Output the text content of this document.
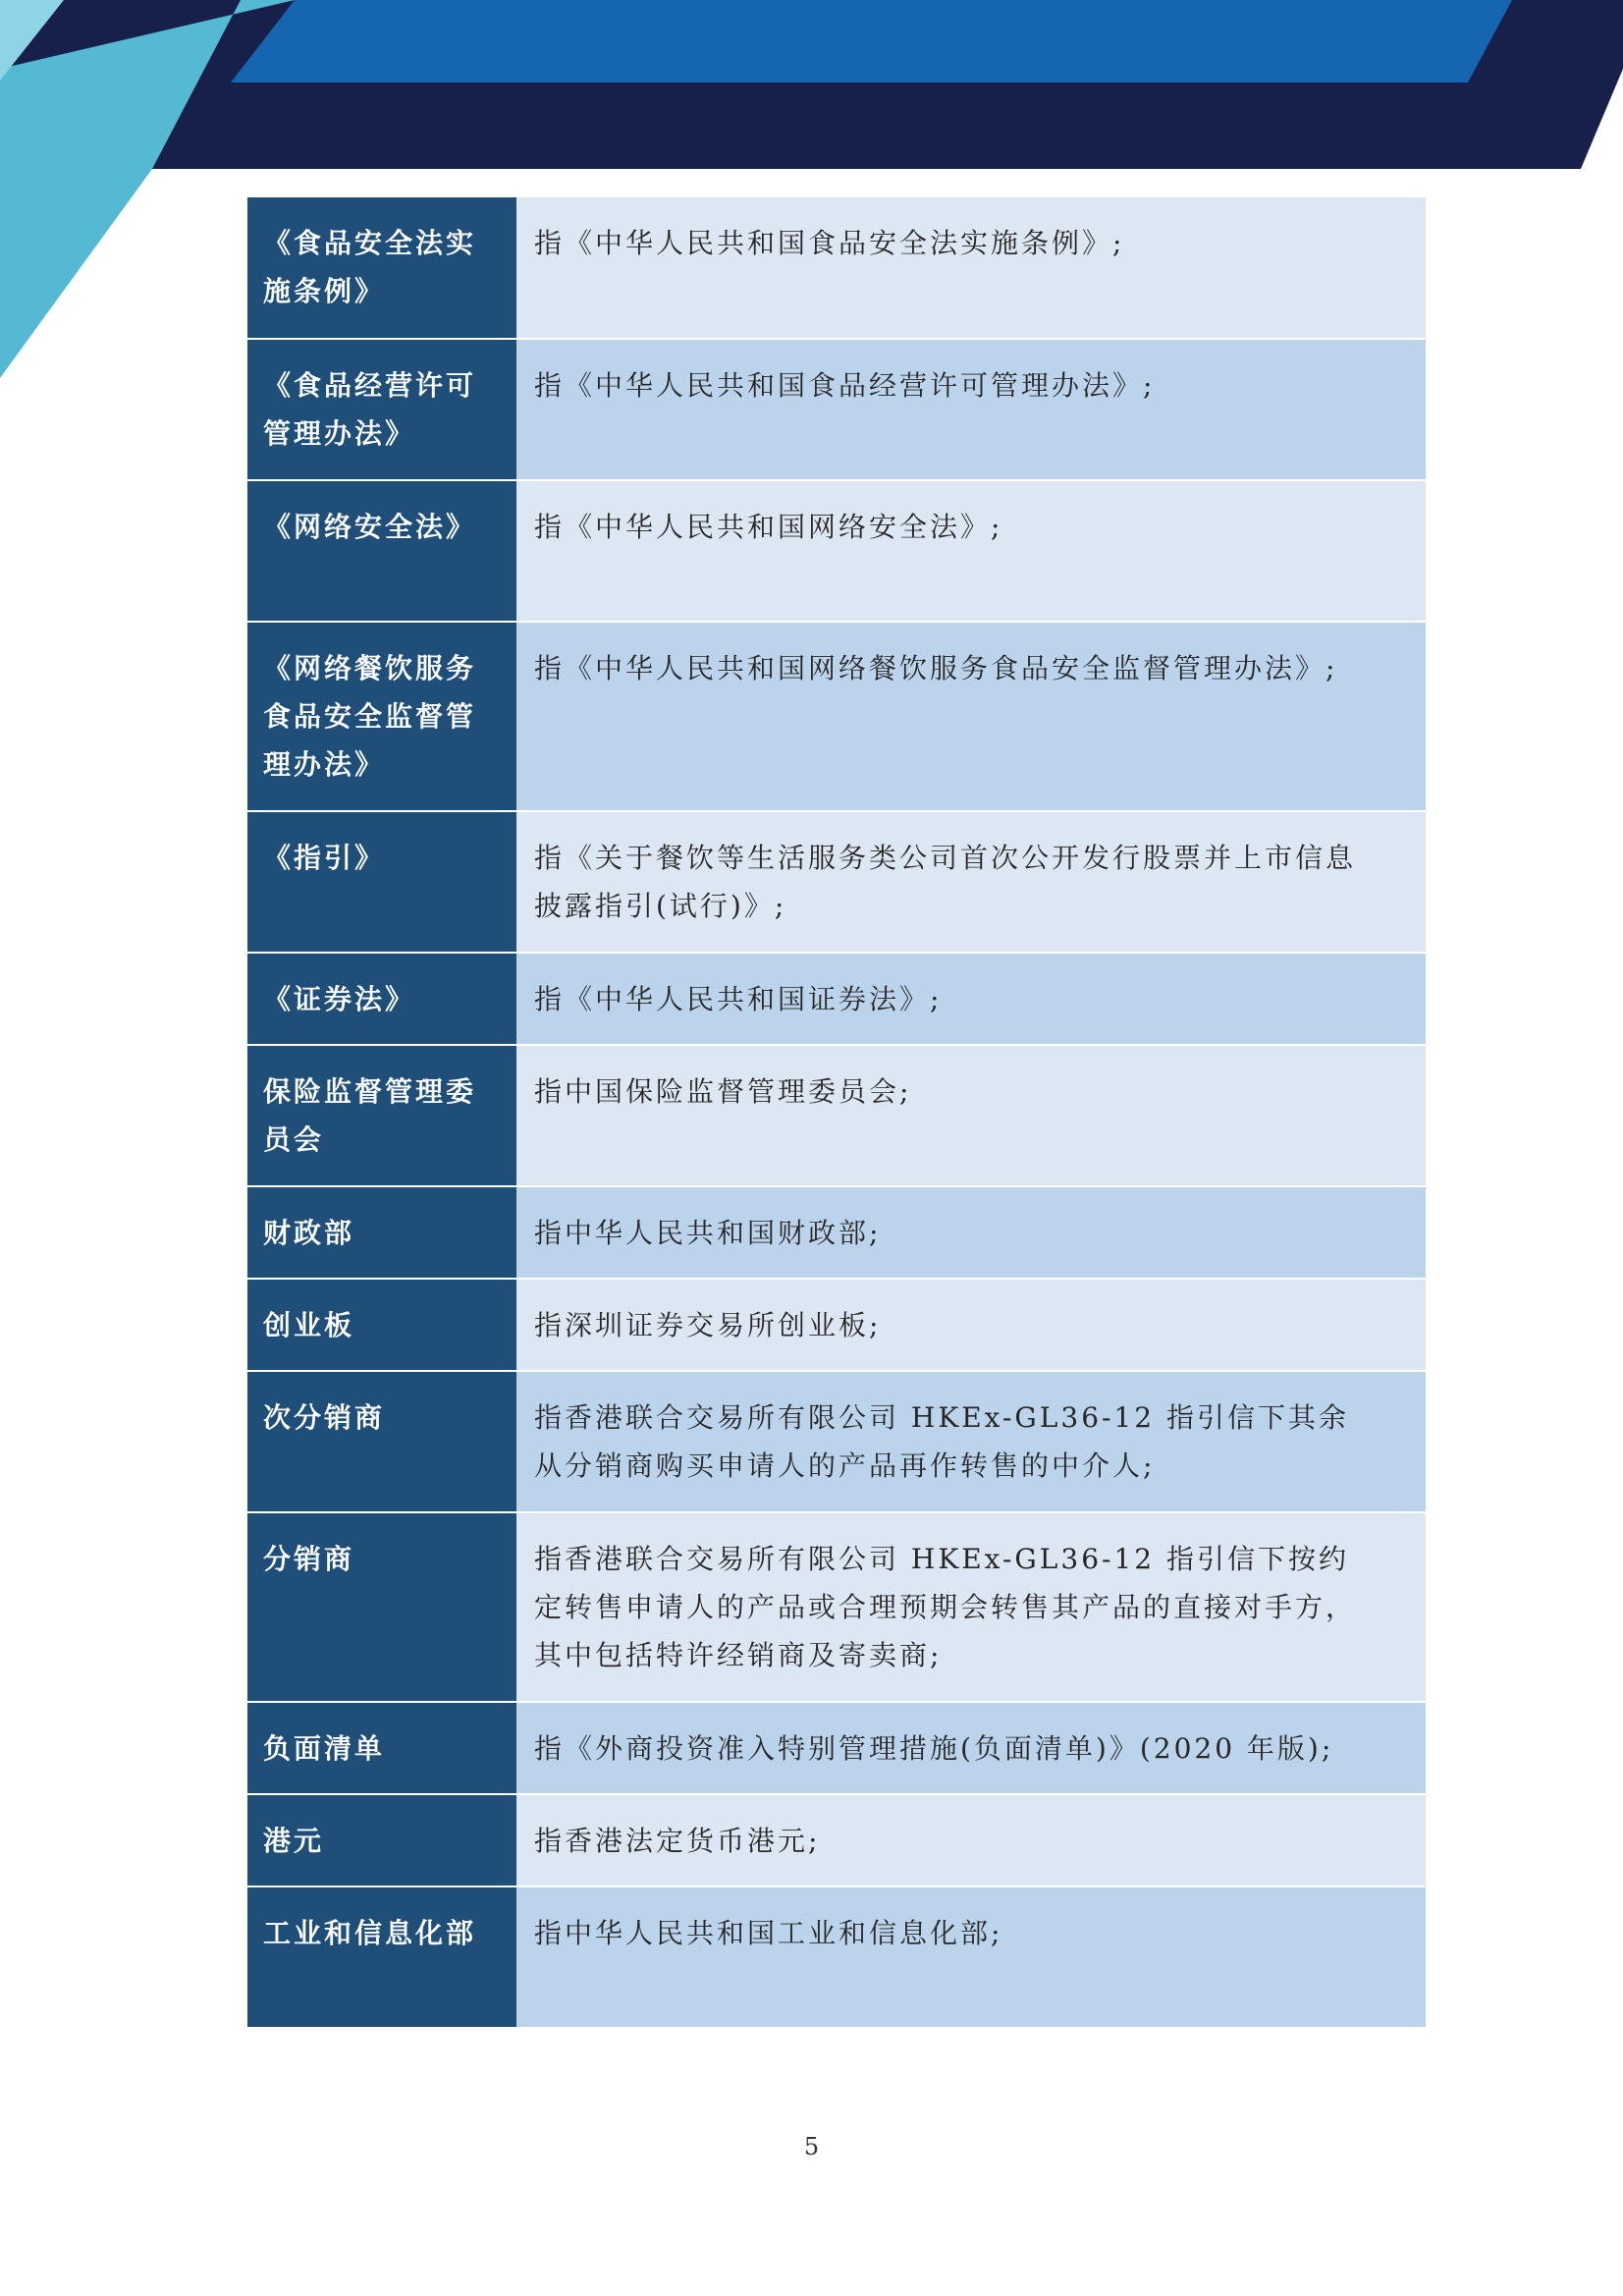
《食品安全法实施条例》	指《中华人民共和国食品安全法实施条例》;

《食品经营许可管理办法》	指《中华人民共和国食品经营许可管理办法》;

《网络安全法》	指《中华人民共和国网络安全法》;

《网络餐饮服务食品安全监督管理办法》	指《中华人民共和国网络餐饮服务食品安全监督管理办法》;

《指引》	指《关于餐饮等生活服务类公司首次公开发行股票并上市信息披露指引(试行)》;

《证券法》	指《中华人民共和国证券法》;

保险监督管理委员会	指中国保险监督管理委员会;

财政部	指中华人民共和国财政部;

创业板	指深圳证券交易所创业板;

次分销商	指香港联合交易所有限公司 HKEx-GL36-12 指引信下其余从分销商购买申请人的产品再作转售的中介人;

分销商	指香港联合交易所有限公司 HKEx-GL36-12 指引信下按约定转售申请人的产品或合理预期会转售其产品的直接对手方，其中包括特许经销商及寄卖商;

负面清单	指《外商投资准入特别管理措施(负面清单)》(2020 年版);

港元	指香港法定货币港元;

工业和信息化部	指中华人民共和国工业和信息化部;
5
